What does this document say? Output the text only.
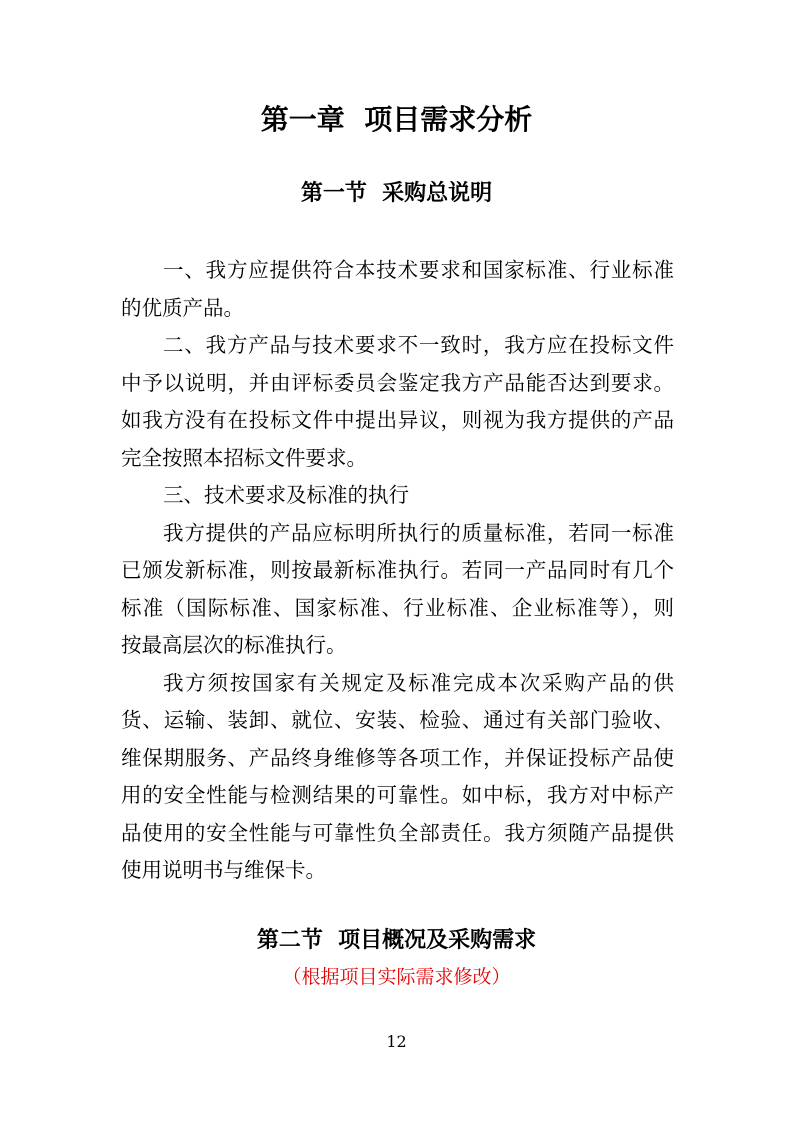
第一章  项目需求分析
第一节  采购总说明
一、我方应提供符合本技术要求和国家标准、行业标准
的优质产品。
二、我方产品与技术要求不一致时，我方应在投标文件
中予以说明，并由评标委员会鉴定我方产品能否达到要求。
如我方没有在投标文件中提出异议，则视为我方提供的产品
完全按照本招标文件要求。
三、技术要求及标准的执行
我方提供的产品应标明所执行的质量标准，若同一标准
已颁发新标准，则按最新标准执行。若同一产品同时有几个
标准（国际标准、国家标准、行业标准、企业标准等），则
按最高层次的标准执行。
我方须按国家有关规定及标准完成本次采购产品的供
货、运输、装卸、就位、安装、检验、通过有关部门验收、
维保期服务、产品终身维修等各项工作，并保证投标产品使
用的安全性能与检测结果的可靠性。如中标，我方对中标产
品使用的安全性能与可靠性负全部责任。我方须随产品提供
使用说明书与维保卡。
第二节  项目概况及采购需求
（根据项目实际需求修改）
12
